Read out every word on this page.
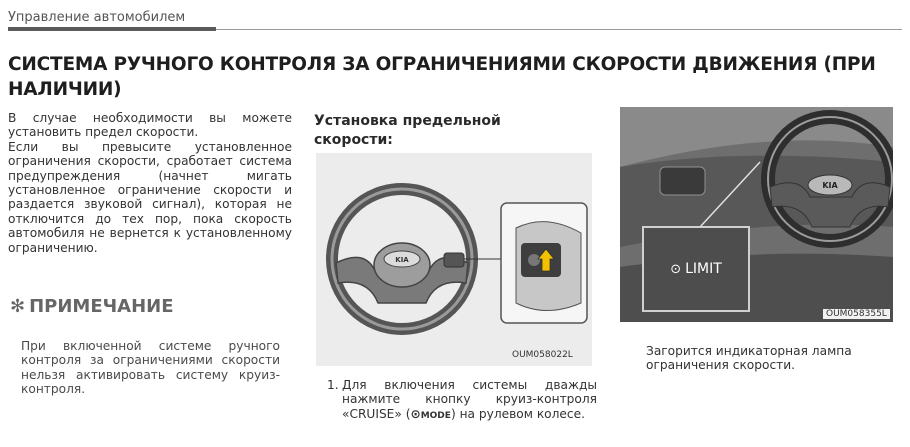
Управление автомобилем
СИСТЕМА РУЧНОГО КОНТРОЛЯ ЗА ОГРАНИЧЕНИЯМИ СКОРОСТИ ДВИЖЕНИЯ (ПРИ НАЛИЧИИ)

В случае необходимости вы можете установить предел скорости.

Если вы превысите установленное ограничения скорости, сработает система предупреждения (начнет мигать установленное ограничение скорости и раздается звуковой сигнал), которая не отключится до тех пор, пока скорость автомобиля не вернется к установленному ограничению.

✻ ПРИМЕЧАНИЕ
При включенной системе ручного контроля за ограничениями скорости нельзя активировать систему круиз-контроля.
Установка предельной скорости:
KIA
OUM058022L
1. Для включения системы дважды нажмите кнопку круиз-контроля «CRUISE» (⊙MODE) на рулевом колесе.
KIA
⊙ LIMIT
OUM058355L
Загорится индикаторная лампа ограничения скорости.
